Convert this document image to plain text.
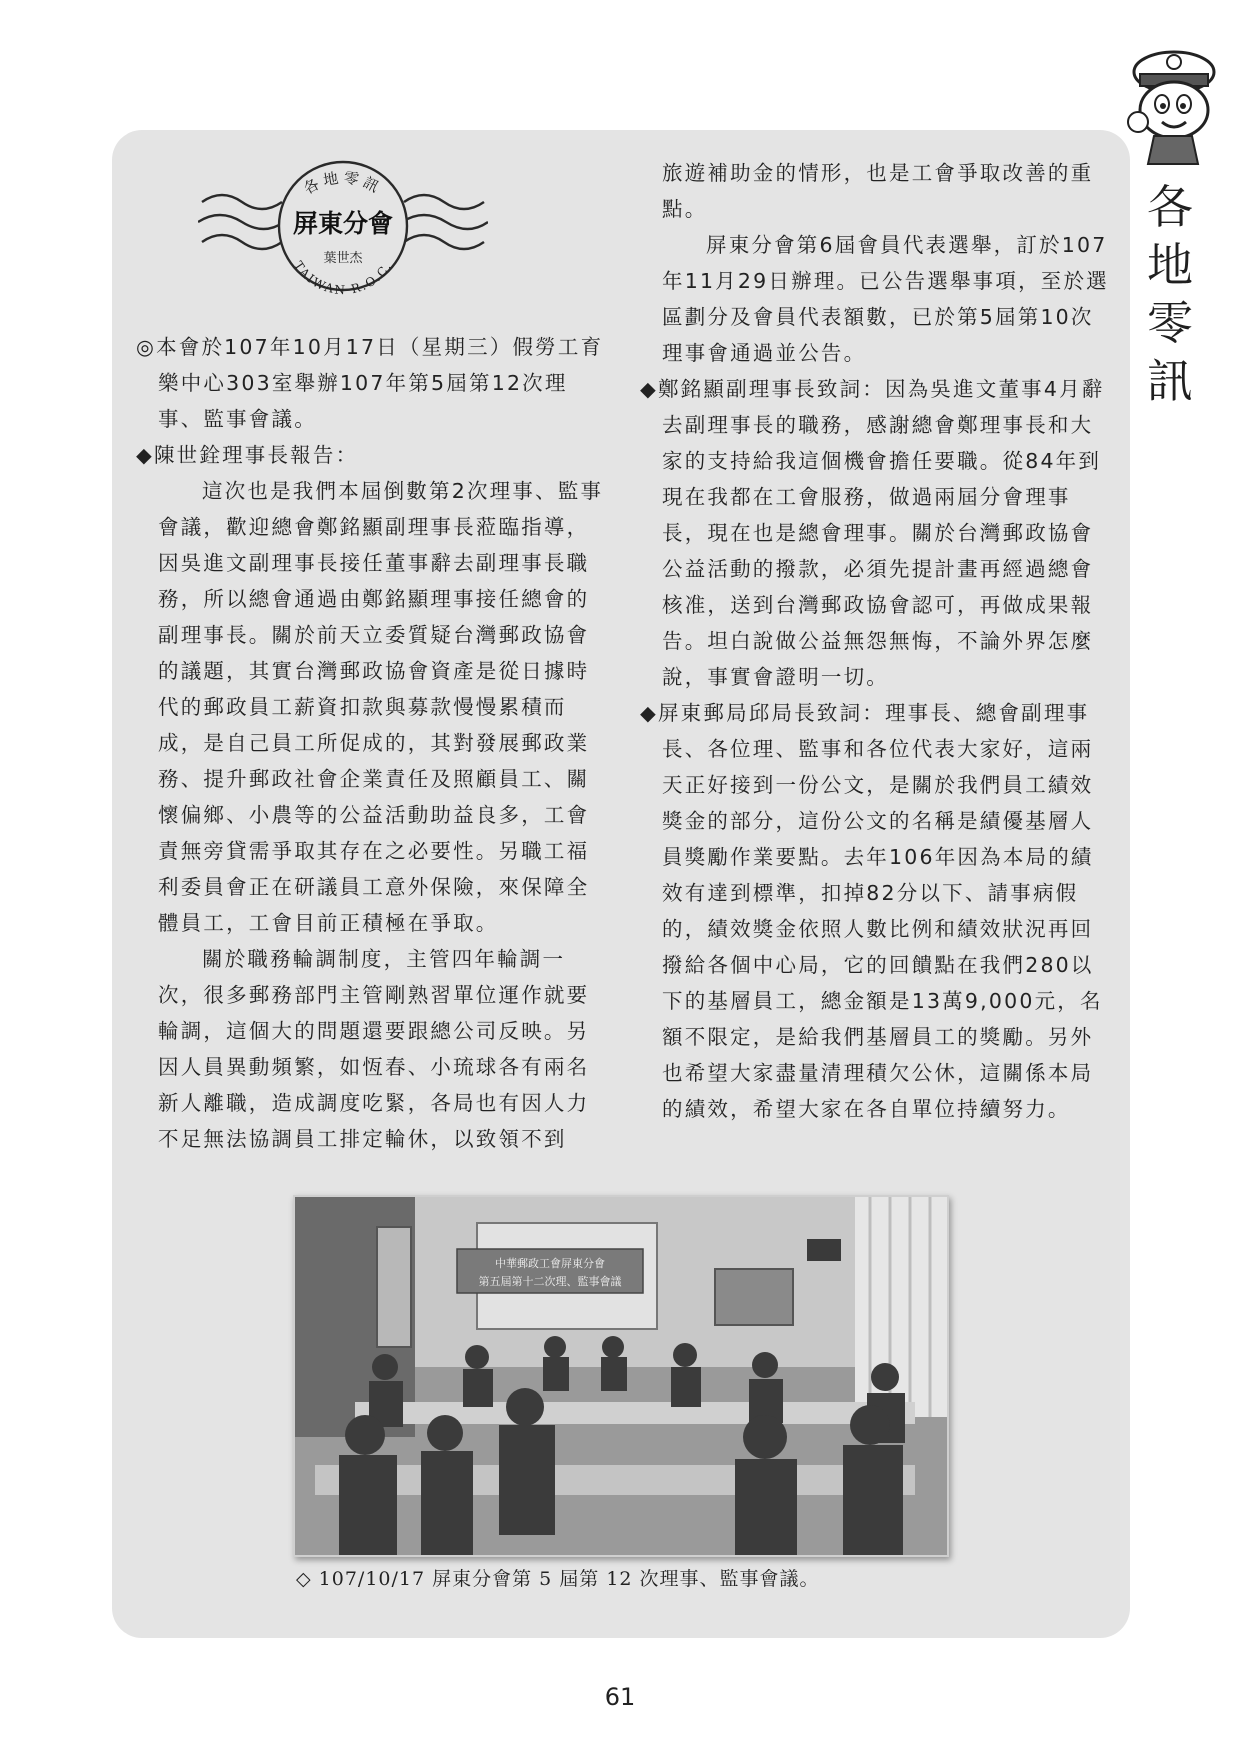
各
地
零
訊
各地零訊
屏東分會
葉世杰
TAIWAN R.O.C.

◎本會於107年10月17日（星期三）假勞工育樂中心303室舉辦107年第5屆第12次理事、監事會議。

◆陳世銓理事長報告：

這次也是我們本屆倒數第2次理事、監事會議，歡迎總會鄭銘顯副理事長蒞臨指導，因吳進文副理事長接任董事辭去副理事長職務，所以總會通過由鄭銘顯理事接任總會的副理事長。關於前天立委質疑台灣郵政協會的議題，其實台灣郵政協會資產是從日據時代的郵政員工薪資扣款與募款慢慢累積而成，是自己員工所促成的，其對發展郵政業務、提升郵政社會企業責任及照顧員工、關懷偏鄉、小農等的公益活動助益良多，工會責無旁貸需爭取其存在之必要性。另職工福利委員會正在研議員工意外保險，來保障全體員工，工會目前正積極在爭取。

關於職務輪調制度，主管四年輪調一次，很多郵務部門主管剛熟習單位運作就要輪調，這個大的問題還要跟總公司反映。另因人員異動頻繁，如恆春、小琉球各有兩名新人離職，造成調度吃緊，各局也有因人力不足無法協調員工排定輪休，以致領不到

旅遊補助金的情形，也是工會爭取改善的重點。

屏東分會第6屆會員代表選舉，訂於107年11月29日辦理。已公告選舉事項，至於選區劃分及會員代表額數，已於第5屆第10次理事會通過並公告。

◆鄭銘顯副理事長致詞：因為吳進文董事4月辭去副理事長的職務，感謝總會鄭理事長和大家的支持給我這個機會擔任要職。從84年到現在我都在工會服務，做過兩屆分會理事長，現在也是總會理事。關於台灣郵政協會公益活動的撥款，必須先提計畫再經過總會核准，送到台灣郵政協會認可，再做成果報告。坦白說做公益無怨無悔，不論外界怎麼說，事實會證明一切。

◆屏東郵局邱局長致詞：理事長、總會副理事長、各位理、監事和各位代表大家好，這兩天正好接到一份公文，是關於我們員工績效獎金的部分，這份公文的名稱是績優基層人員獎勵作業要點。去年106年因為本局的績效有達到標準，扣掉82分以下、請事病假的，績效獎金依照人數比例和績效狀況再回撥給各個中心局，它的回饋點在我們280以下的基層員工，總金額是13萬9,000元，名額不限定，是給我們基層員工的獎勵。另外也希望大家盡量清理積欠公休，這關係本局的績效，希望大家在各自單位持續努力。

中華郵政工會屏東分會
第五屆第十二次理、監事會議
◇ 107/10/17 屏東分會第 5 屆第 12 次理事、監事會議。
61
